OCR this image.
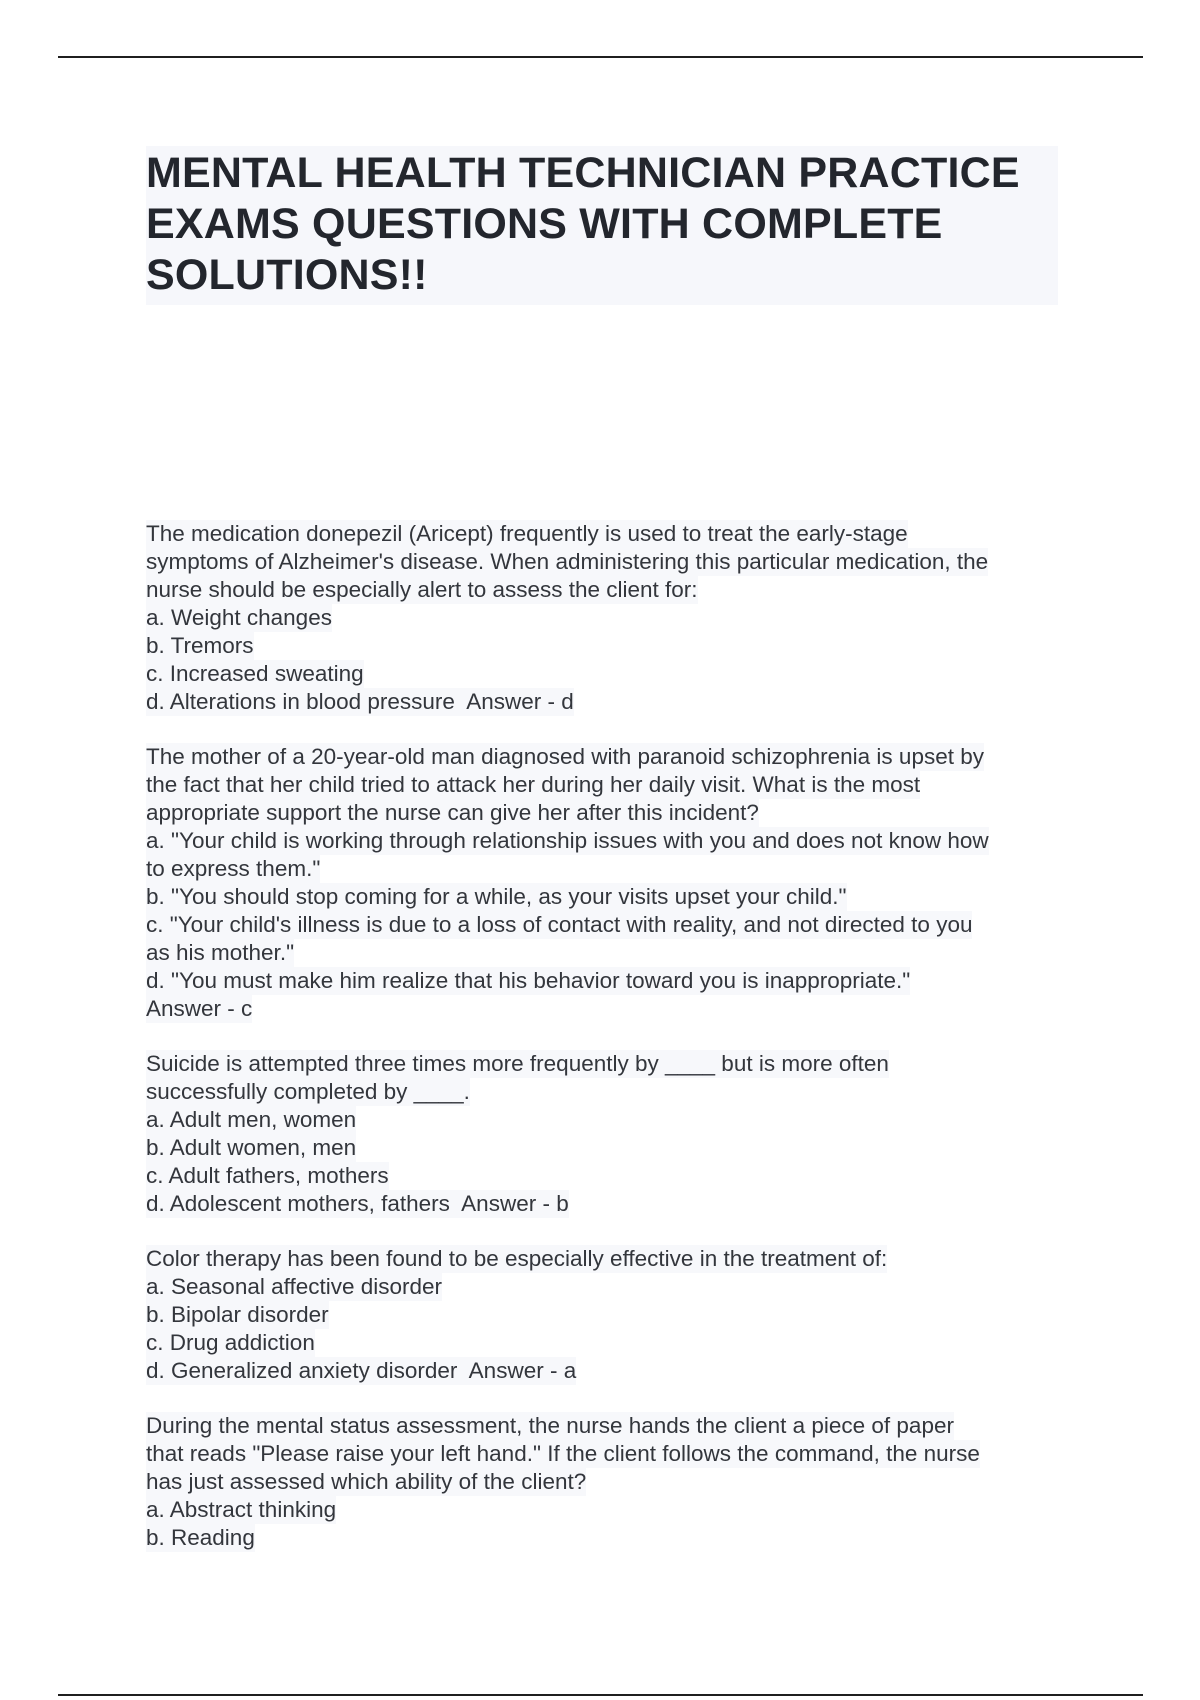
MENTAL HEALTH TECHNICIAN PRACTICE EXAMS QUESTIONS WITH COMPLETE SOLUTIONS!!
The medication donepezil (Aricept) frequently is used to treat the early-stage
symptoms of Alzheimer's disease. When administering this particular medication, the
nurse should be especially alert to assess the client for:
a. Weight changes
b. Tremors
c. Increased sweating
d. Alterations in blood pressure  Answer - d
The mother of a 20-year-old man diagnosed with paranoid schizophrenia is upset by
the fact that her child tried to attack her during her daily visit. What is the most
appropriate support the nurse can give her after this incident?
a. "Your child is working through relationship issues with you and does not know how
to express them."
b. "You should stop coming for a while, as your visits upset your child."
c. "Your child's illness is due to a loss of contact with reality, and not directed to you
as his mother."
d. "You must make him realize that his behavior toward you is inappropriate."
Answer - c
Suicide is attempted three times more frequently by ____ but is more often
successfully completed by ____.
a. Adult men, women
b. Adult women, men
c. Adult fathers, mothers
d. Adolescent mothers, fathers  Answer - b
Color therapy has been found to be especially effective in the treatment of:
a. Seasonal affective disorder
b. Bipolar disorder
c. Drug addiction
d. Generalized anxiety disorder  Answer - a
During the mental status assessment, the nurse hands the client a piece of paper
that reads "Please raise your left hand." If the client follows the command, the nurse
has just assessed which ability of the client?
a. Abstract thinking
b. Reading
